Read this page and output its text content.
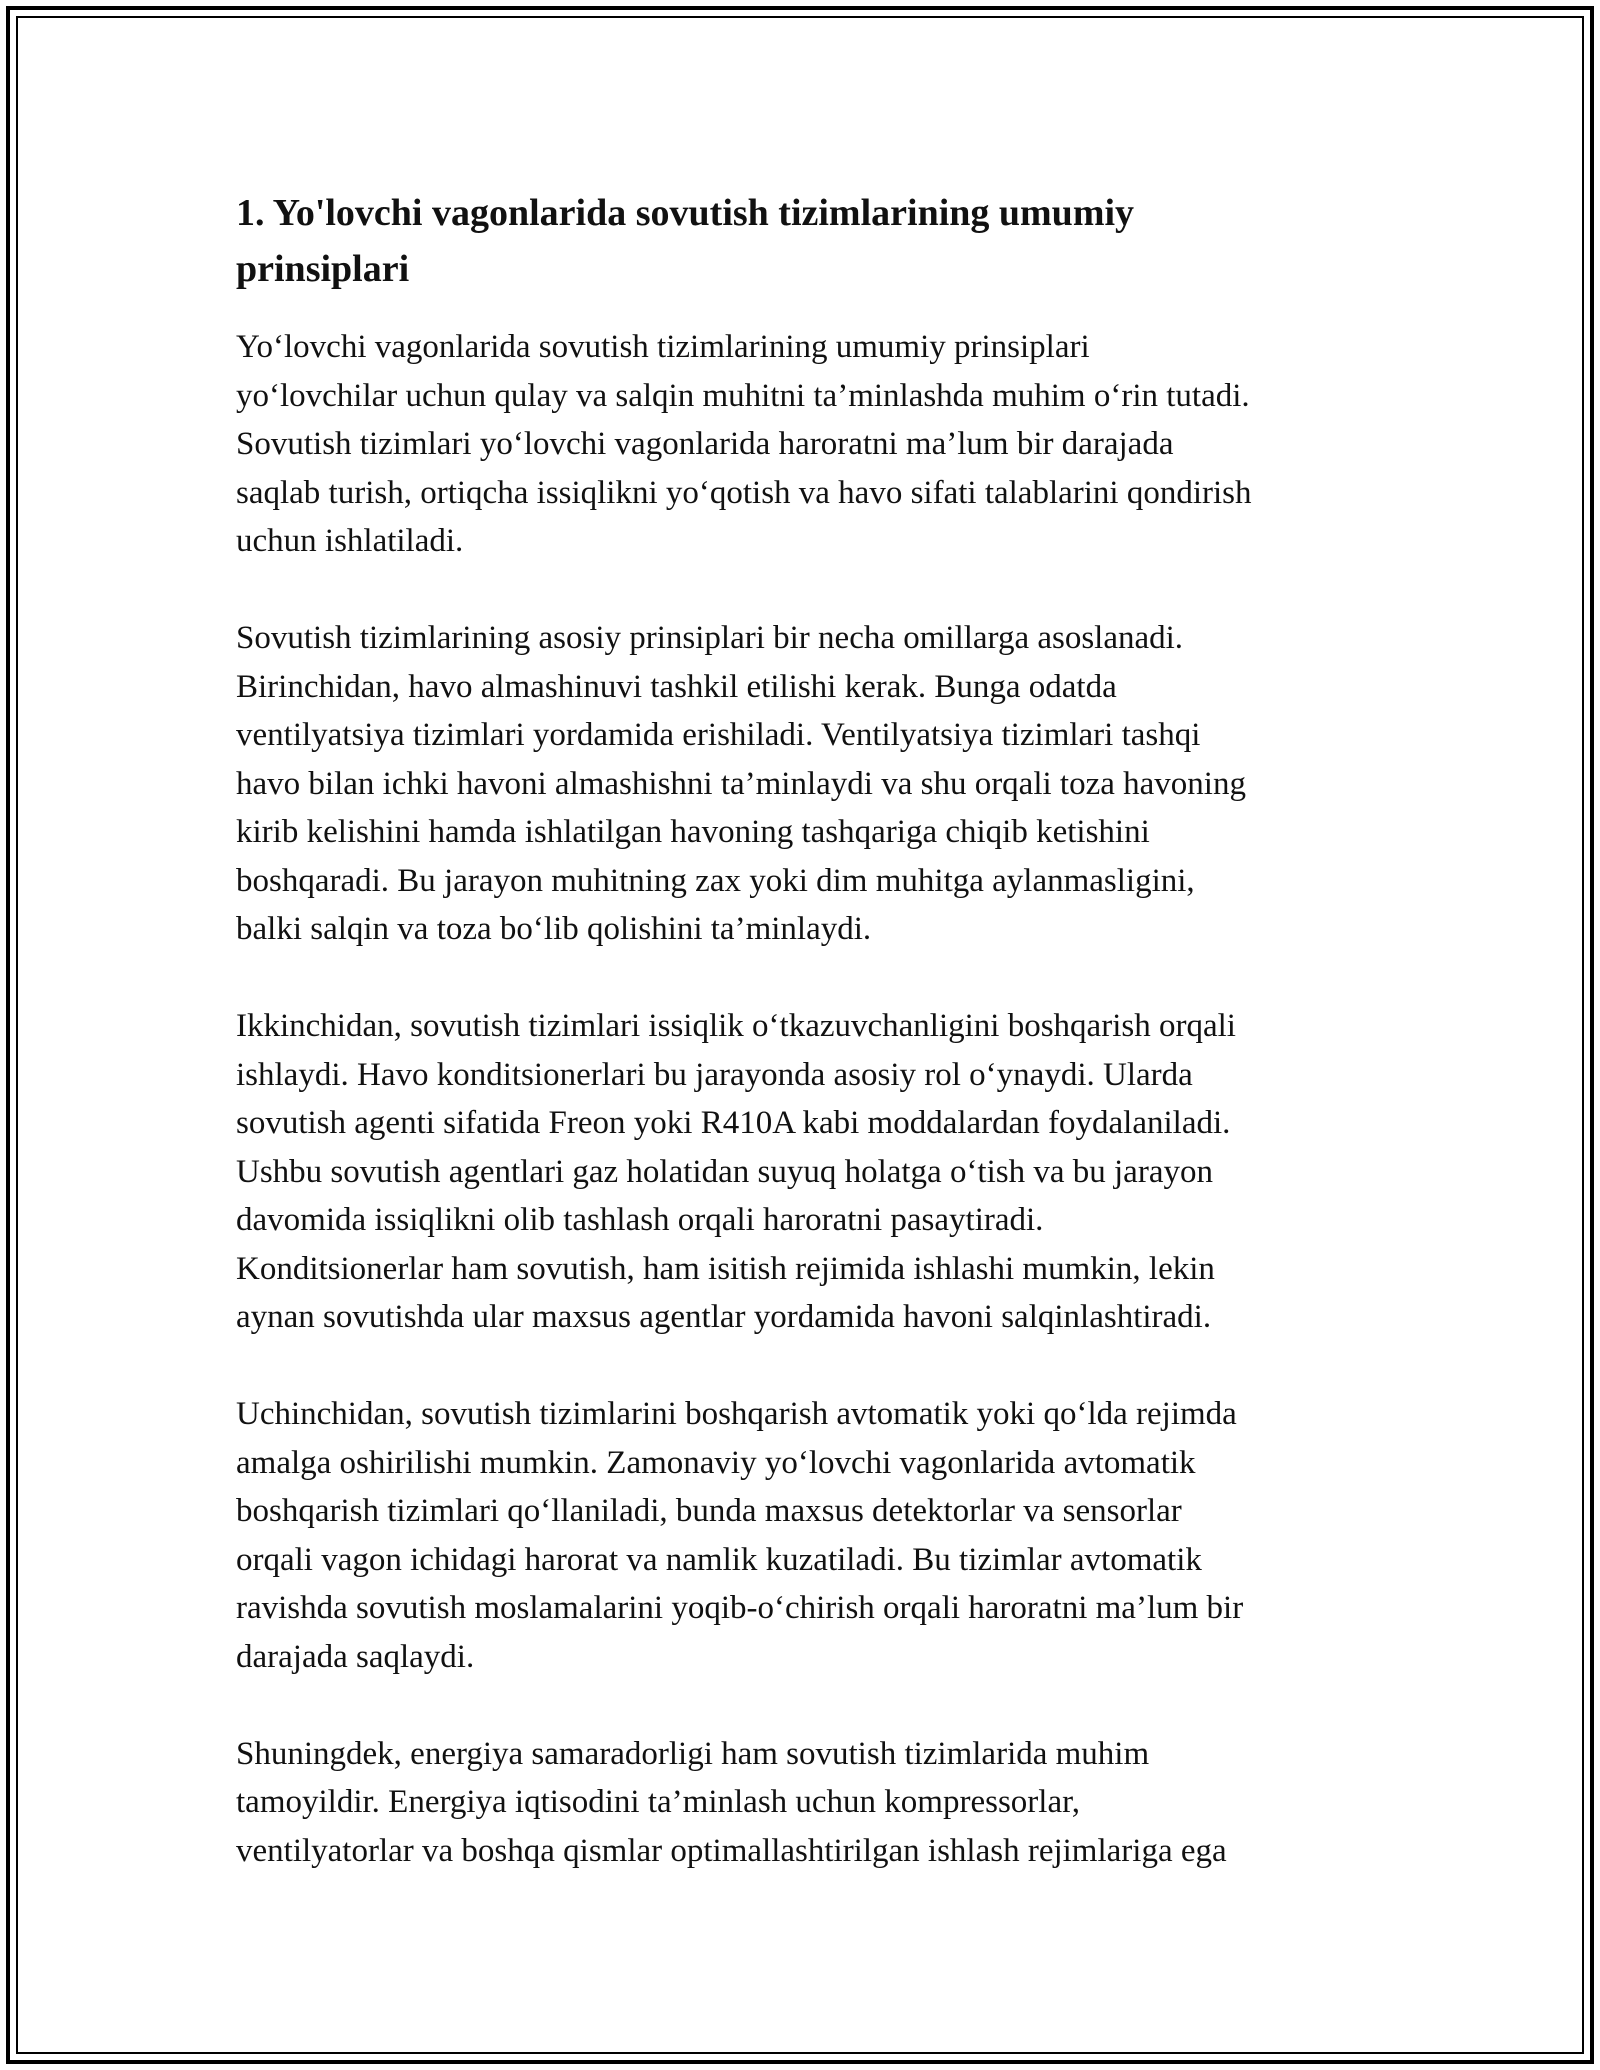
1. Yo'lovchi vagonlarida sovutish tizimlarining umumiy
prinsiplari

Yo‘lovchi vagonlarida sovutish tizimlarining umumiy prinsiplari
yo‘lovchilar uchun qulay va salqin muhitni ta’minlashda muhim o‘rin tutadi.
Sovutish tizimlari yo‘lovchi vagonlarida haroratni ma’lum bir darajada
saqlab turish, ortiqcha issiqlikni yo‘qotish va havo sifati talablarini qondirish
uchun ishlatiladi.

Sovutish tizimlarining asosiy prinsiplari bir necha omillarga asoslanadi.
Birinchidan, havo almashinuvi tashkil etilishi kerak. Bunga odatda
ventilyatsiya tizimlari yordamida erishiladi. Ventilyatsiya tizimlari tashqi
havo bilan ichki havoni almashishni ta’minlaydi va shu orqali toza havoning
kirib kelishini hamda ishlatilgan havoning tashqariga chiqib ketishini
boshqaradi. Bu jarayon muhitning zax yoki dim muhitga aylanmasligini,
balki salqin va toza bo‘lib qolishini ta’minlaydi.

Ikkinchidan, sovutish tizimlari issiqlik o‘tkazuvchanligini boshqarish orqali
ishlaydi. Havo konditsionerlari bu jarayonda asosiy rol o‘ynaydi. Ularda
sovutish agenti sifatida Freon yoki R410A kabi moddalardan foydalaniladi.
Ushbu sovutish agentlari gaz holatidan suyuq holatga o‘tish va bu jarayon
davomida issiqlikni olib tashlash orqali haroratni pasaytiradi.
Konditsionerlar ham sovutish, ham isitish rejimida ishlashi mumkin, lekin
aynan sovutishda ular maxsus agentlar yordamida havoni salqinlashtiradi.

Uchinchidan, sovutish tizimlarini boshqarish avtomatik yoki qo‘lda rejimda
amalga oshirilishi mumkin. Zamonaviy yo‘lovchi vagonlarida avtomatik
boshqarish tizimlari qo‘llaniladi, bunda maxsus detektorlar va sensorlar
orqali vagon ichidagi harorat va namlik kuzatiladi. Bu tizimlar avtomatik
ravishda sovutish moslamalarini yoqib-o‘chirish orqali haroratni ma’lum bir
darajada saqlaydi.

Shuningdek, energiya samaradorligi ham sovutish tizimlarida muhim
tamoyildir. Energiya iqtisodini ta’minlash uchun kompressorlar,
ventilyatorlar va boshqa qismlar optimallashtirilgan ishlash rejimlariga ega
